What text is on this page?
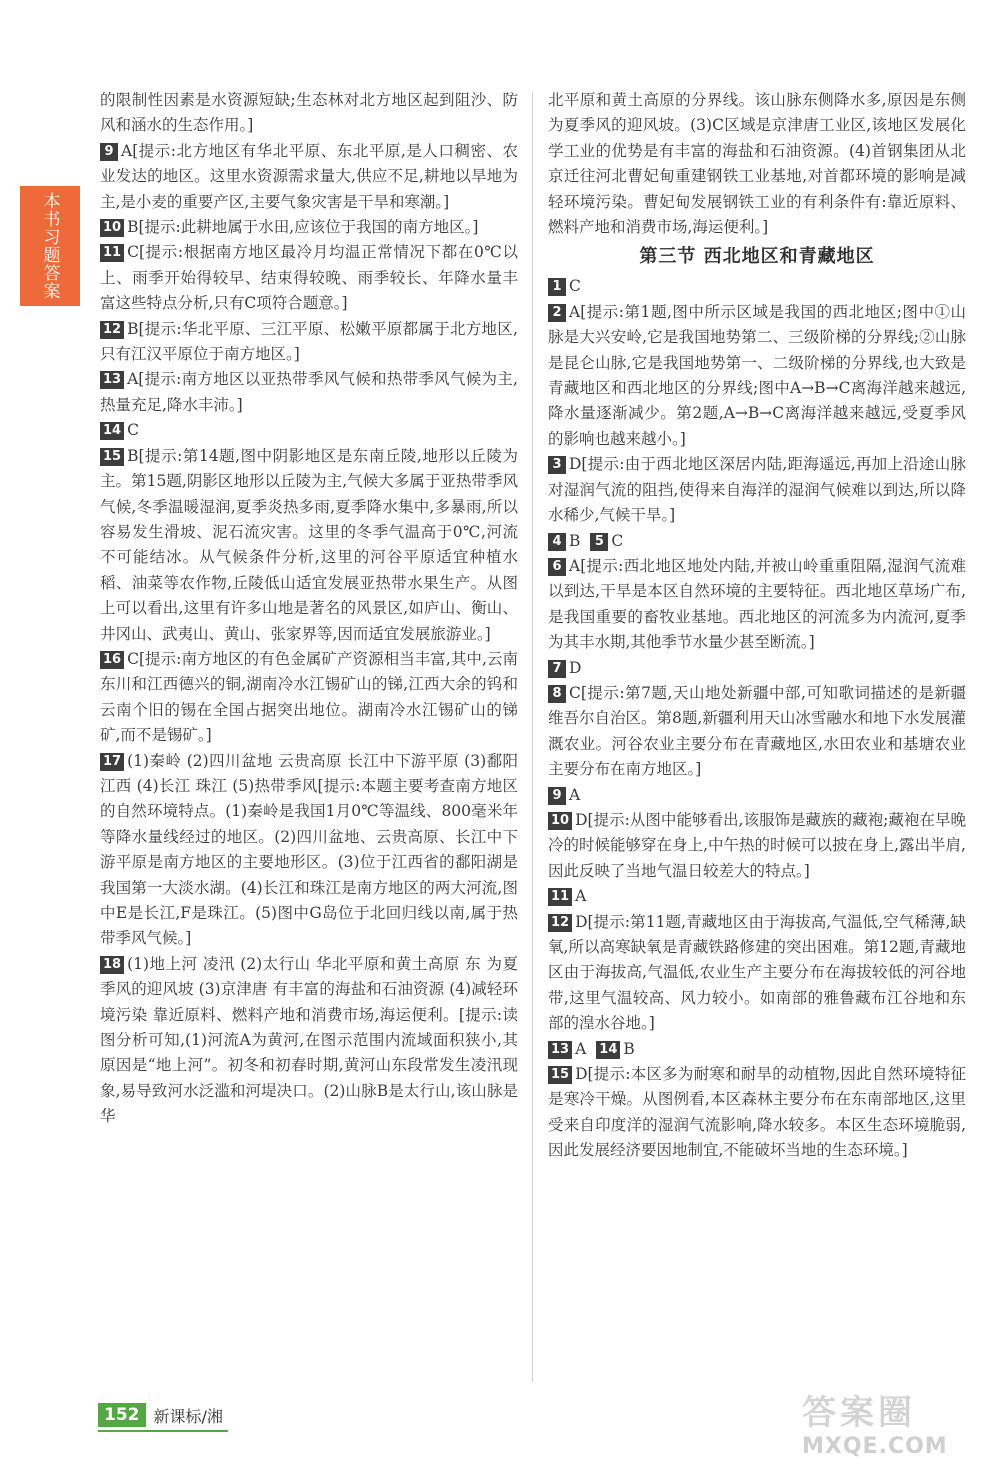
本书习题答案
的限制性因素是水资源短缺;生态林对北方地区起到阻沙、防风和涵水的生态作用。]
9 A[提示:北方地区有华北平原、东北平原,是人口稠密、农业发达的地区。这里水资源需求量大,供应不足,耕地以旱地为主,是小麦的重要产区,主要气象灾害是干旱和寒潮。]
10 B[提示:此耕地属于水田,应该位于我国的南方地区。]
11 C[提示:根据南方地区最冷月均温正常情况下都在0℃以上、雨季开始得较早、结束得较晚、雨季较长、年降水量丰富这些特点分析,只有C项符合题意。]
12 B[提示:华北平原、三江平原、松嫩平原都属于北方地区,只有江汉平原位于南方地区。]
13 A[提示:南方地区以亚热带季风气候和热带季风气候为主,热量充足,降水丰沛。]
14 C
15 B[提示:第14题,图中阴影地区是东南丘陵,地形以丘陵为主。第15题,阴影区地形以丘陵为主,气候大多属于亚热带季风气候,冬季温暖湿润,夏季炎热多雨,夏季降水集中,多暴雨,所以容易发生滑坡、泥石流灾害。这里的冬季气温高于0℃,河流不可能结冰。从气候条件分析,这里的河谷平原适宜种植水稻、油菜等农作物,丘陵低山适宜发展亚热带水果生产。从图上可以看出,这里有许多山地是著名的风景区,如庐山、衡山、井冈山、武夷山、黄山、张家界等,因而适宜发展旅游业。]
16 C[提示:南方地区的有色金属矿产资源相当丰富,其中,云南东川和江西德兴的铜,湖南冷水江锡矿山的锑,江西大余的钨和云南个旧的锡在全国占据突出地位。湖南冷水江锡矿山的锑矿,而不是锡矿。]
17 (1)秦岭 (2)四川盆地 云贵高原 长江中下游平原 (3)鄱阳 江西 (4)长江 珠江 (5)热带季风[提示:本题主要考查南方地区的自然环境特点。(1)秦岭是我国1月0℃等温线、800毫米年等降水量线经过的地区。(2)四川盆地、云贵高原、长江中下游平原是南方地区的主要地形区。(3)位于江西省的鄱阳湖是我国第一大淡水湖。(4)长江和珠江是南方地区的两大河流,图中E是长江,F是珠江。(5)图中G岛位于北回归线以南,属于热带季风气候。]
18 (1)地上河 凌汛 (2)太行山 华北平原和黄土高原 东 为夏季风的迎风坡 (3)京津唐 有丰富的海盐和石油资源 (4)减轻环境污染 靠近原料、燃料产地和消费市场,海运便利。[提示:读图分析可知,(1)河流A为黄河,在图示范围内流域面积狭小,其原因是“地上河”。初冬和初春时期,黄河山东段常发生凌汛现象,易导致河水泛滥和河堤决口。(2)山脉B是太行山,该山脉是华
北平原和黄土高原的分界线。该山脉东侧降水多,原因是东侧为夏季风的迎风坡。(3)C区域是京津唐工业区,该地区发展化学工业的优势是有丰富的海盐和石油资源。(4)首钢集团从北京迁往河北曹妃甸重建钢铁工业基地,对首都环境的影响是减轻环境污染。曹妃甸发展钢铁工业的有利条件有:靠近原料、燃料产地和消费市场,海运便利。]
第三节 西北地区和青藏地区
1 C
2 A[提示:第1题,图中所示区域是我国的西北地区;图中①山脉是大兴安岭,它是我国地势第二、三级阶梯的分界线;②山脉是昆仑山脉,它是我国地势第一、二级阶梯的分界线,也大致是青藏地区和西北地区的分界线;图中A→B→C离海洋越来越远,降水量逐渐减少。第2题,A→B→C离海洋越来越远,受夏季风的影响也越来越小。]
3 D[提示:由于西北地区深居内陆,距海遥远,再加上沿途山脉对湿润气流的阻挡,使得来自海洋的湿润气候难以到达,所以降水稀少,气候干旱。]
4 B 5 C
6 A[提示:西北地区地处内陆,并被山岭重重阻隔,湿润气流难以到达,干旱是本区自然环境的主要特征。西北地区草场广布,是我国重要的畜牧业基地。西北地区的河流多为内流河,夏季为其丰水期,其他季节水量少甚至断流。]
7 D
8 C[提示:第7题,天山地处新疆中部,可知歌词描述的是新疆维吾尔自治区。第8题,新疆利用天山冰雪融水和地下水发展灌溉农业。河谷农业主要分布在青藏地区,水田农业和基塘农业主要分布在南方地区。]
9 A
10 D[提示:从图中能够看出,该服饰是藏族的藏袍;藏袍在早晚冷的时候能够穿在身上,中午热的时候可以披在身上,露出半肩,因此反映了当地气温日较差大的特点。]
11 A
12 D[提示:第11题,青藏地区由于海拔高,气温低,空气稀薄,缺氧,所以高寒缺氧是青藏铁路修建的突出困难。第12题,青藏地区由于海拔高,气温低,农业生产主要分布在海拔较低的河谷地带,这里气温较高、风力较小。如南部的雅鲁藏布江谷地和东部的湟水谷地。]
13 A 14 B
15 D[提示:本区多为耐寒和耐旱的动植物,因此自然环境特征是寒冷干燥。从图例看,本区森林主要分布在东南部地区,这里受来自印度洋的湿润气流影响,降水较多。本区生态环境脆弱,因此发展经济要因地制宜,不能破坏当地的生态环境。]
152 新课标/湘	答案圈
MXQE.COM
